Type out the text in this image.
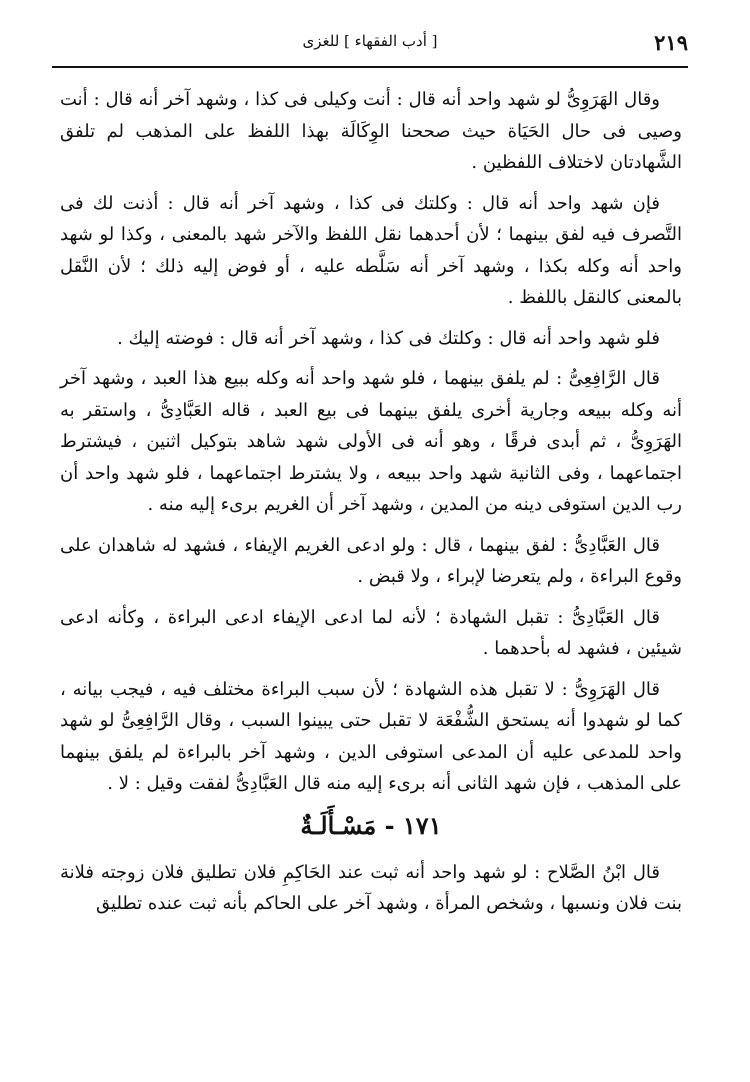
٢١٩
[ أدب الفقهاء ] للغزى

وقال الهَرَوِىُّ لو شهد واحد أنه قال : أنت وكيلى فى كذا ، وشهد آخر أنه قال : أنت وصيى فى حال الحَيَاة حيث صححنا الوِكَالَة بهذا اللفظ على المذهب لم تلفق الشَّهادتان لاختلاف اللفظين .

فإن شهد واحد أنه قال : وكلتك فى كذا ، وشهد آخر أنه قال : أذنت لك فى التَّصرف فيه لفق بينهما ؛ لأن أحدهما نقل اللفظ والآخر شهد بالمعنى ، وكذا لو شهد واحد أنه وكله بكذا ، وشهد آخر أنه سَلَّطه عليه ، أو فوض إليه ذلك ؛ لأن النَّقل بالمعنى كالنقل باللفظ .

فلو شهد واحد أنه قال : وكلتك فى كذا ، وشهد آخر أنه قال : فوضته إليك .

قال الرَّافِعِىُّ : لم يلفق بينهما ، فلو شهد واحد أنه وكله ببيع هذا العبد ، وشهد آخر أنه وكله ببيعه وجارية أخرى يلفق بينهما فى بيع العبد ، قاله العَبَّادِىُّ ، واستقر به الهَرَوِىُّ ، ثم أبدى فرقًا ، وهو أنه فى الأولى شهد شاهد بتوكيل اثنين ، فيشترط اجتماعهما ، وفى الثانية شهد واحد ببيعه ، ولا يشترط اجتماعهما ، فلو شهد واحد أن رب الدين استوفى دينه من المدين ، وشهد آخر أن الغريم برىء إليه منه .

قال العَبَّادِىُّ : لفق بينهما ، قال : ولو ادعى الغريم الإيفاء ، فشهد له شاهدان على وقوع البراءة ، ولم يتعرضا لإبراء ، ولا قبض .

قال العَبَّادِىُّ : تقبل الشهادة ؛ لأنه لما ادعى الإيفاء ادعى البراءة ، وكأنه ادعى شيئين ، فشهد له بأحدهما .

قال الهَرَوِىُّ : لا تقبل هذه الشهادة ؛ لأن سبب البراءة مختلف فيه ، فيجب بيانه ، كما لو شهدوا أنه يستحق الشُّفْعَة لا تقبل حتى يبينوا السبب ، وقال الرَّافِعِىُّ لو شهد واحد للمدعى عليه أن المدعى استوفى الدين ، وشهد آخر بالبراءة لم يلفق بينهما على المذهب ، فإن شهد الثانى أنه برىء إليه منه قال العَبَّادِىُّ لفقت وقيل : لا .

١٧١ - مَسْـأَلَـةٌ

قال ابْنُ الصَّلاح : لو شهد واحد أنه ثبت عند الحَاكِمِ فلان تطليق فلان زوجته فلانة بنت فلان ونسبها ، وشخص المرأة ، وشهد آخر على الحاكم بأنه ثبت عنده تطليق
